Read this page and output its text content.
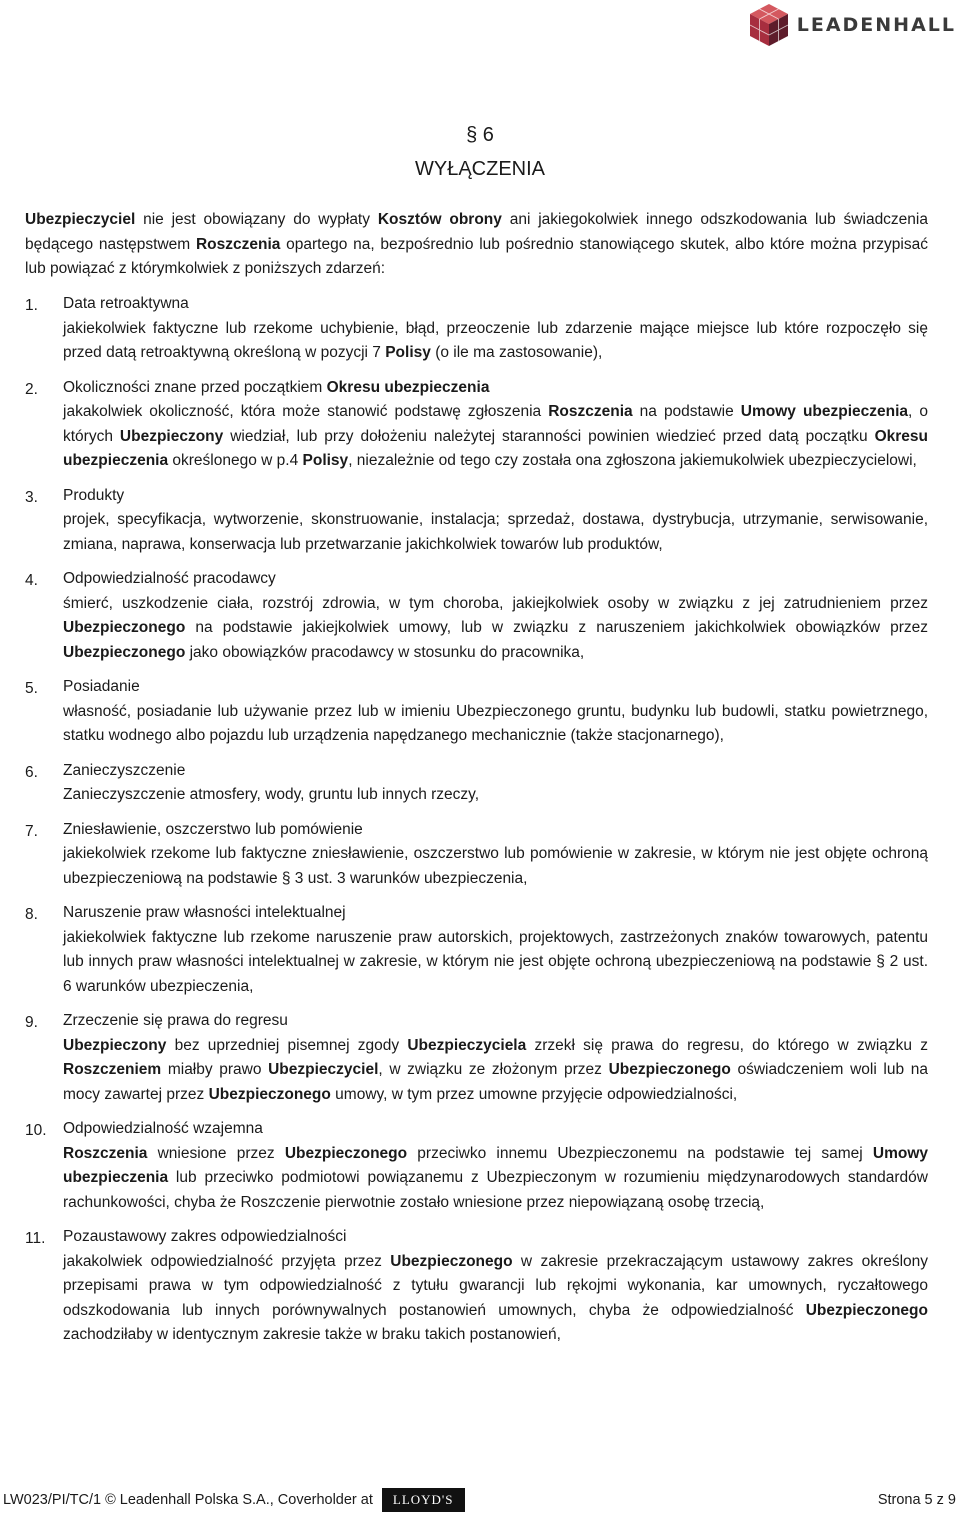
LEADENHALL
§ 6
WYŁĄCZENIA
Ubezpieczyciel nie jest obowiązany do wypłaty Kosztów obrony ani jakiegokolwiek innego odszkodowania lub świadczenia będącego następstwem Roszczenia opartego na, bezpośrednio lub pośrednio stanowiącego skutek, albo które można przypisać lub powiązać z którymkolwiek z poniższych zdarzeń:
1. Data retroaktywna
jakiekolwiek faktyczne lub rzekome uchybienie, błąd, przeoczenie lub zdarzenie mające miejsce lub które rozpoczęło się przed datą retroaktywną określoną w pozycji 7 Polisy (o ile ma zastosowanie),
2. Okoliczności znane przed początkiem Okresu ubezpieczenia
jakakolwiek okoliczność, która może stanowić podstawę zgłoszenia Roszczenia na podstawie Umowy ubezpieczenia, o których Ubezpieczony wiedział, lub przy dołożeniu należytej staranności powinien wiedzieć przed datą początku Okresu ubezpieczenia określonego w p.4 Polisy, niezależnie od tego czy została ona zgłoszona jakiemukolwiek ubezpieczycielowi,
3. Produkty
projek, specyfikacja, wytworzenie, skonstruowanie, instalacja; sprzedaż, dostawa, dystrybucja, utrzymanie, serwisowanie, zmiana, naprawa, konserwacja lub przetwarzanie jakichkolwiek towarów lub produktów,
4. Odpowiedzialność pracodawcy
śmierć, uszkodzenie ciała, rozstrój zdrowia, w tym choroba, jakiejkolwiek osoby w związku z jej zatrudnieniem przez Ubezpieczonego na podstawie jakiejkolwiek umowy, lub w związku z naruszeniem jakichkolwiek obowiązków przez Ubezpieczonego jako obowiązków pracodawcy w stosunku do pracownika,
5. Posiadanie
własność, posiadanie lub używanie przez lub w imieniu Ubezpieczonego gruntu, budynku lub budowli, statku powietrznego, statku wodnego albo pojazdu lub urządzenia napędzanego mechanicznie (także stacjonarnego),
6. Zanieczyszczenie
Zanieczyszczenie atmosfery, wody, gruntu lub innych rzeczy,
7. Zniesławienie, oszczerstwo lub pomówienie
jakiekolwiek rzekome lub faktyczne zniesławienie, oszczerstwo lub pomówienie w zakresie, w którym nie jest objęte ochroną ubezpieczeniową na podstawie § 3 ust. 3 warunków ubezpieczenia,
8. Naruszenie praw własności intelektualnej
jakiekolwiek faktyczne lub rzekome naruszenie praw autorskich, projektowych, zastrzeżonych znaków towarowych, patentu lub innych praw własności intelektualnej w zakresie, w którym nie jest objęte ochroną ubezpieczeniową na podstawie § 2 ust. 6 warunków ubezpieczenia,
9. Zrzeczenie się prawa do regresu
Ubezpieczony bez uprzedniej pisemnej zgody Ubezpieczyciela zrzekł się prawa do regresu, do którego w związku z Roszczeniem miałby prawo Ubezpieczyciel, w związku ze złożonym przez Ubezpieczonego oświadczeniem woli lub na mocy zawartej przez Ubezpieczonego umowy, w tym przez umowne przyjęcie odpowiedzialności,
10. Odpowiedzialność wzajemna
Roszczenia wniesione przez Ubezpieczonego przeciwko innemu Ubezpieczonemu na podstawie tej samej Umowy ubezpieczenia lub przeciwko podmiotowi powiązanemu z Ubezpieczonym w rozumieniu międzynarodowych standardów rachunkowości, chyba że Roszczenie pierwotnie zostało wniesione przez niepowiązaną osobę trzecią,
11. Pozaustawowy zakres odpowiedzialności
jakakolwiek odpowiedzialność przyjęta przez Ubezpieczonego w zakresie przekraczającym ustawowy zakres określony przepisami prawa w tym odpowiedzialność z tytułu gwarancji lub rękojmi wykonania, kar umownych, ryczałtowego odszkodowania lub innych porównywalnych postanowień umownych, chyba że odpowiedzialność Ubezpieczonego zachodziłaby w identycznym zakresie także w braku takich postanowień,
LW023/PI/TC/1 © Leadenhall Polska S.A., Coverholder at	LLOYD'S	Strona 5 z 9
